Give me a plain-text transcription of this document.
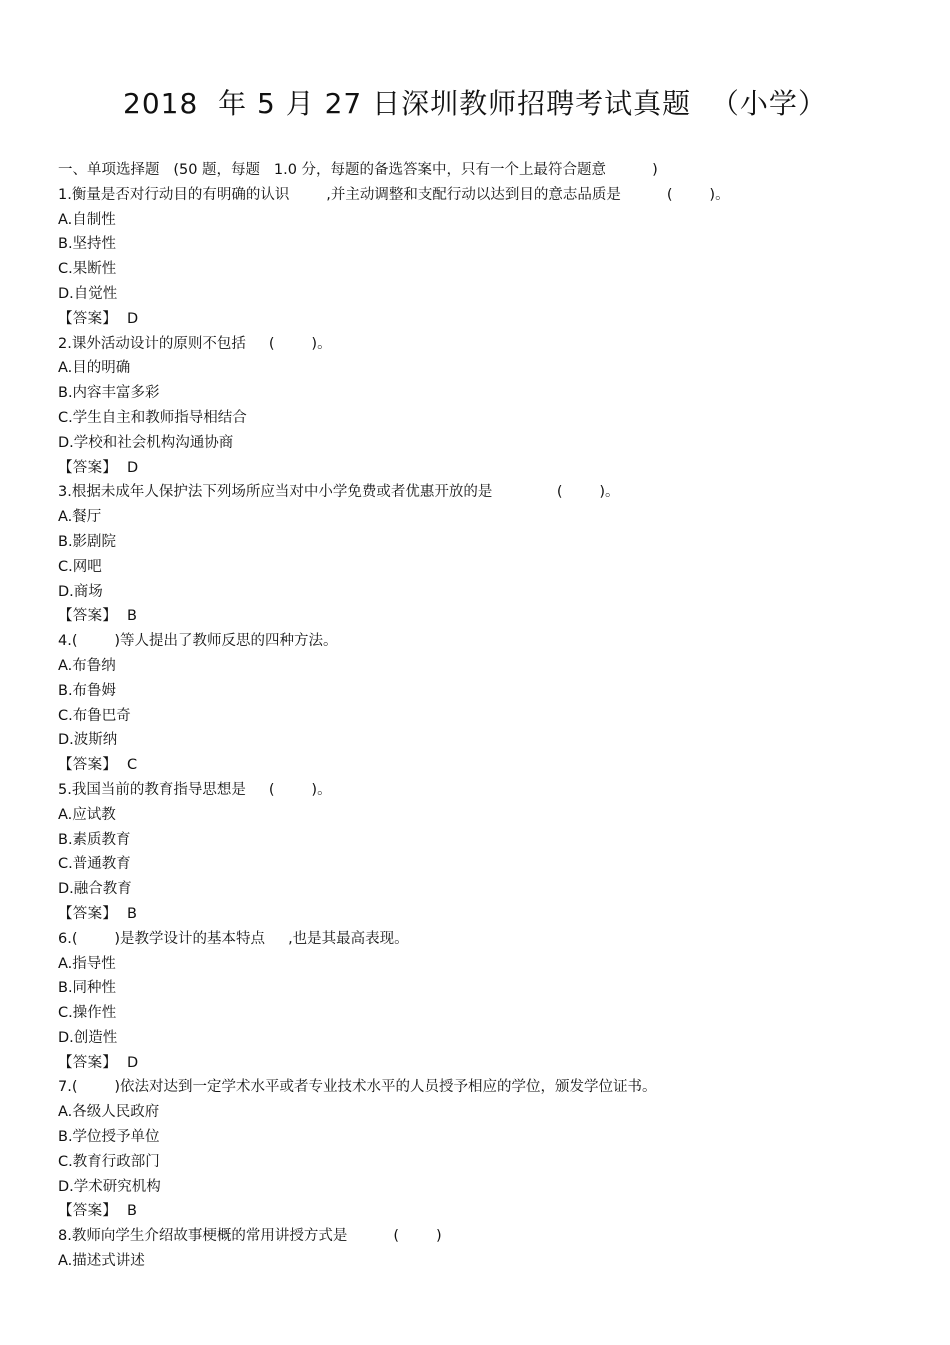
2018  年 5 月 27 日深圳教师招聘考试真题  （小学）
一、单项选择题   (50 题，每题   1.0 分，每题的备选答案中，只有一个上最符合题意          )
1.衡量是否对行动目的有明确的认识        ,并主动调整和支配行动以达到目的意志品质是          (        )。
A.自制性
B.坚持性
C.果断性
D.自觉性
【答案】  D
2.课外活动设计的原则不包括     (        )。
A.目的明确
B.内容丰富多彩
C.学生自主和教师指导相结合
D.学校和社会机构沟通协商
【答案】  D
3.根据未成年人保护法下列场所应当对中小学免费或者优惠开放的是              (        )。
A.餐厅
B.影剧院
C.网吧
D.商场
【答案】  B
4.(        )等人提出了教师反思的四种方法。
A.布鲁纳
B.布鲁姆
C.布鲁巴奇
D.波斯纳
【答案】  C
5.我国当前的教育指导思想是     (        )。
A.应试教
B.素质教育
C.普通教育
D.融合教育
【答案】  B
6.(        )是教学设计的基本特点     ,也是其最高表现。
A.指导性
B.同种性
C.操作性
D.创造性
【答案】  D
7.(        )依法对达到一定学术水平或者专业技术水平的人员授予相应的学位，颁发学位证书。
A.各级人民政府
B.学位授予单位
C.教育行政部门
D.学术研究机构
【答案】  B
8.教师向学生介绍故事梗概的常用讲授方式是          (        )
A.描述式讲述
